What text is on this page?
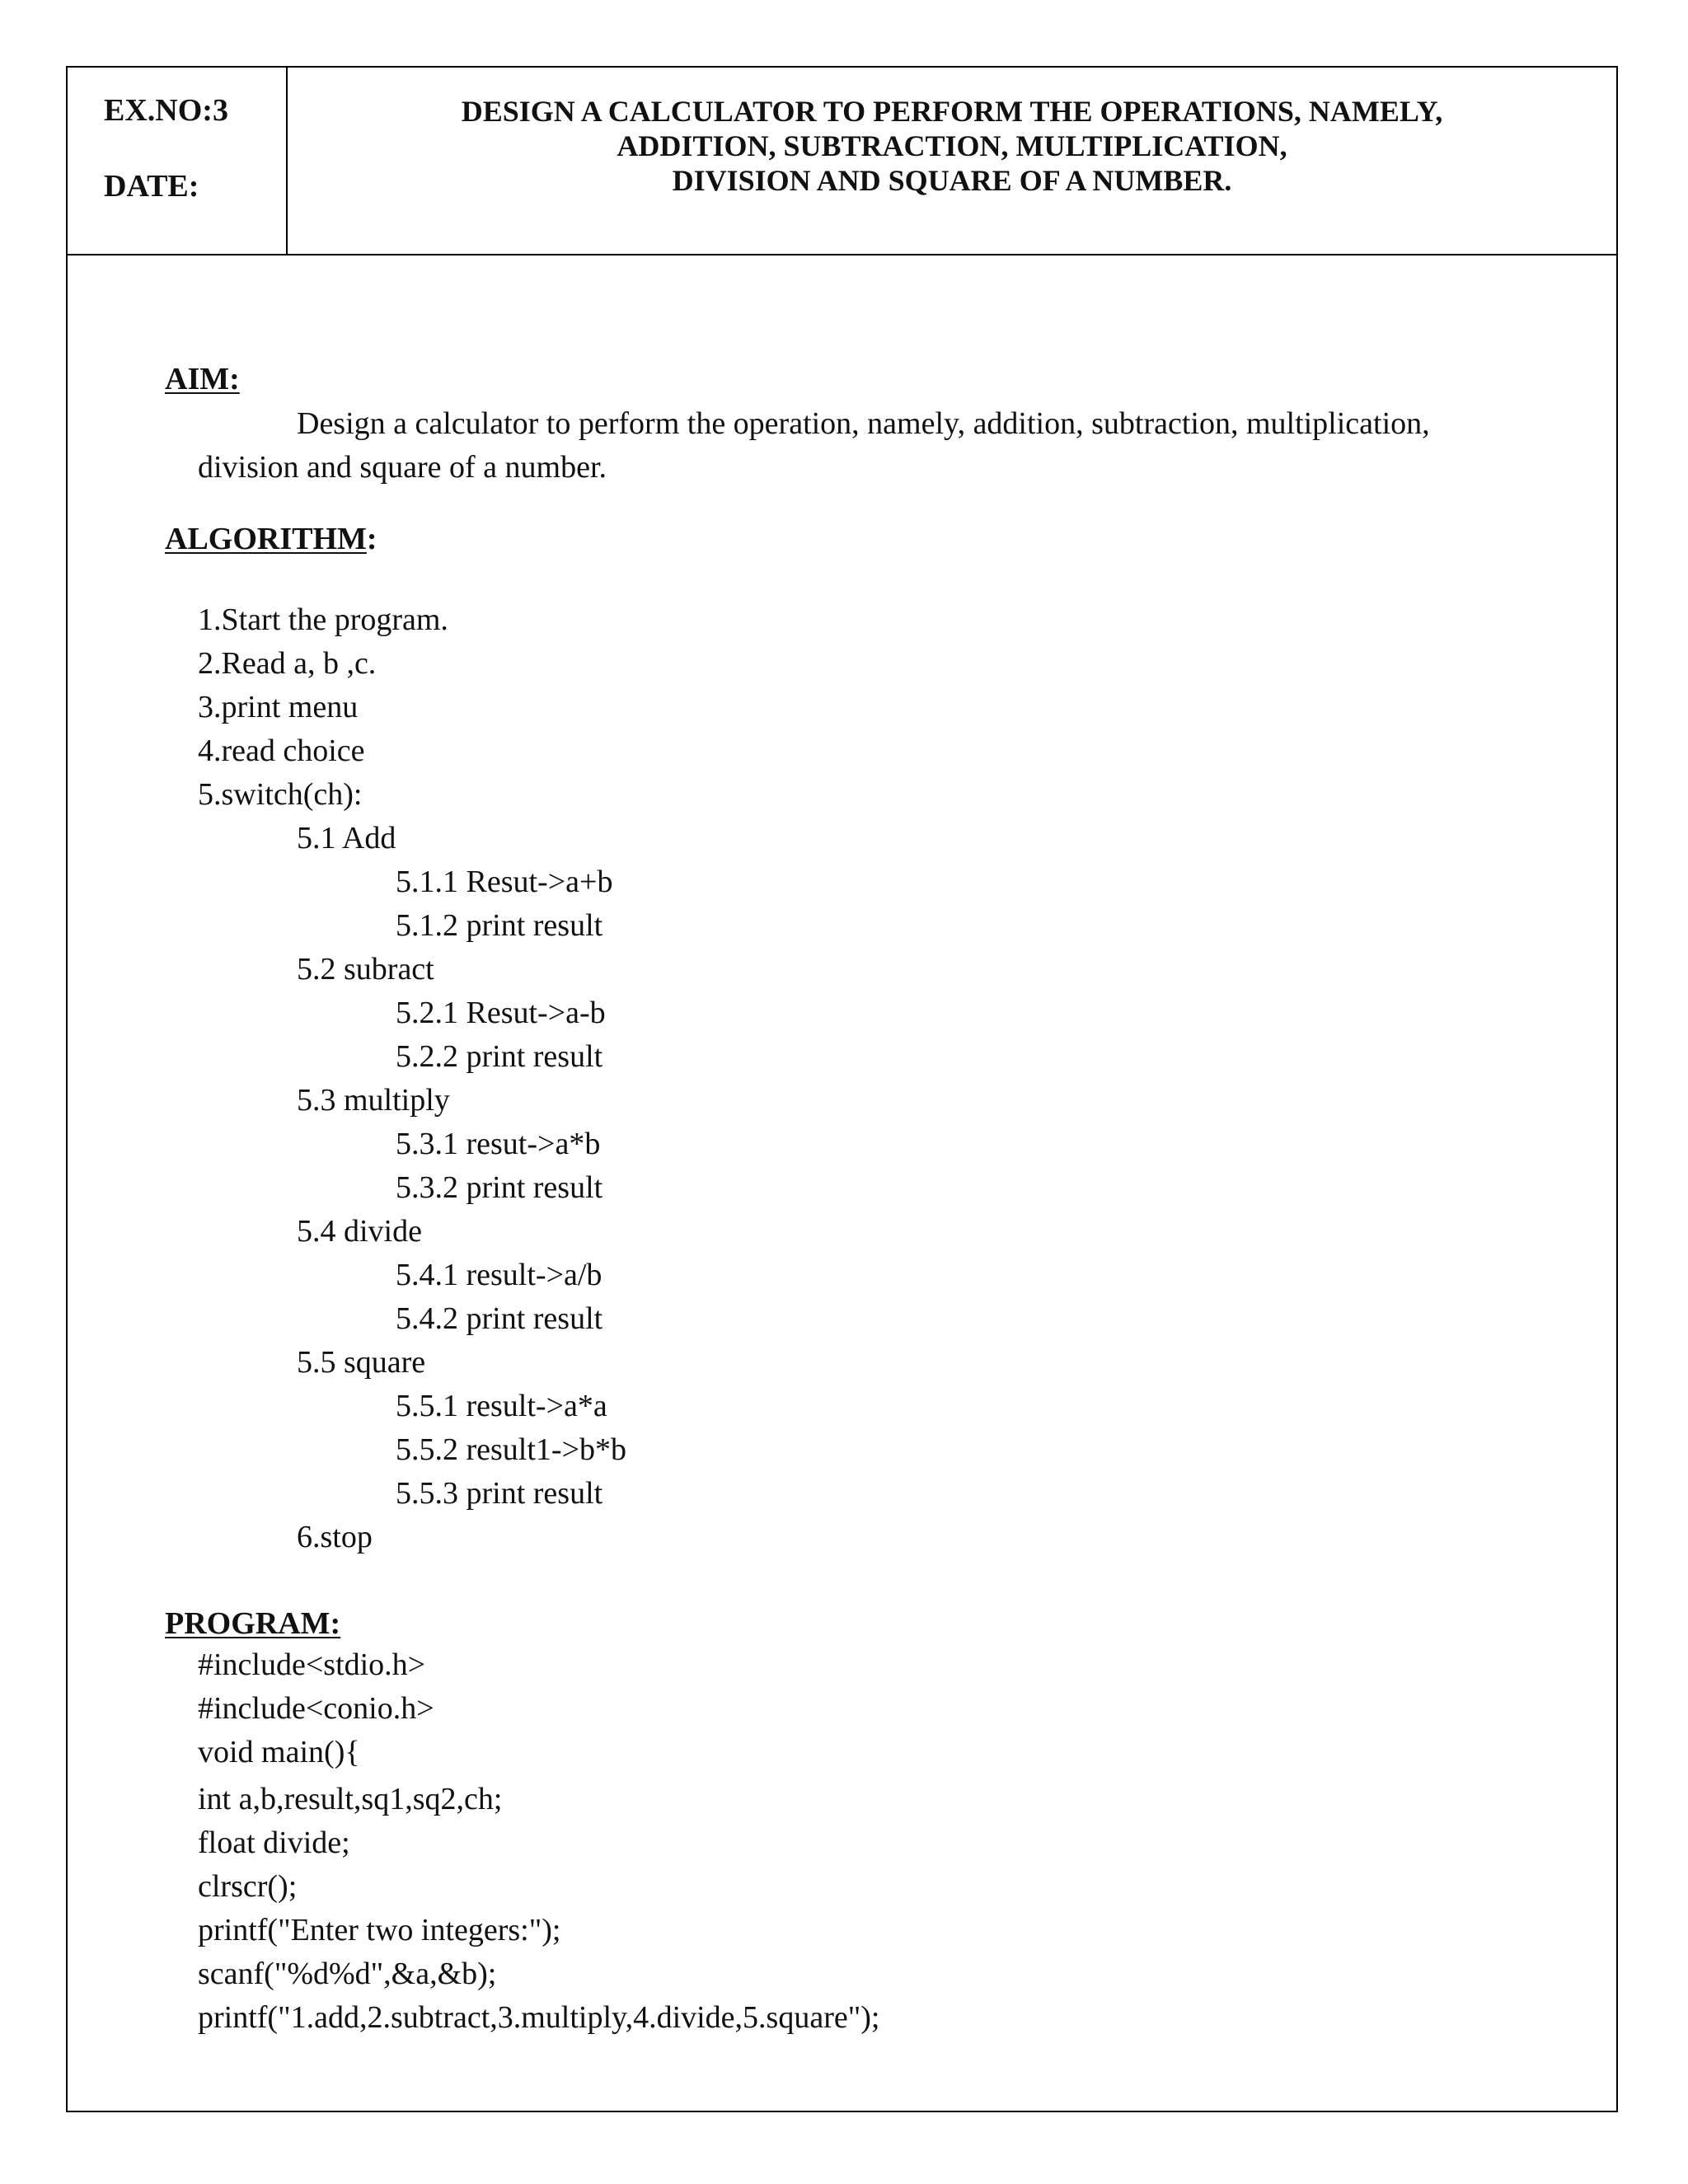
EX.NO:3
DATE:
DESIGN A CALCULATOR TO PERFORM THE OPERATIONS, NAMELY,
ADDITION, SUBTRACTION, MULTIPLICATION,
DIVISION AND SQUARE OF A NUMBER.
AIM:
Design a calculator to perform the operation, namely, addition, subtraction, multiplication,
division and square of a number.
ALGORITHM:
1.Start the program.
2.Read a, b ,c.
3.print menu
4.read choice
5.switch(ch):
5.1 Add
5.1.1 Resut->a+b
5.1.2 print result
5.2 subract
5.2.1 Resut->a-b
5.2.2 print result
5.3 multiply
5.3.1 resut->a*b
5.3.2 print result
5.4 divide
5.4.1 result->a/b
5.4.2 print result
5.5 square
5.5.1 result->a*a
5.5.2 result1->b*b
5.5.3 print result
6.stop
PROGRAM:
#include<stdio.h>
#include<conio.h>
void main(){
int a,b,result,sq1,sq2,ch;
float divide;
clrscr();
printf("Enter two integers:");
scanf("%d%d",&a,&b);
printf("1.add,2.subtract,3.multiply,4.divide,5.square");
